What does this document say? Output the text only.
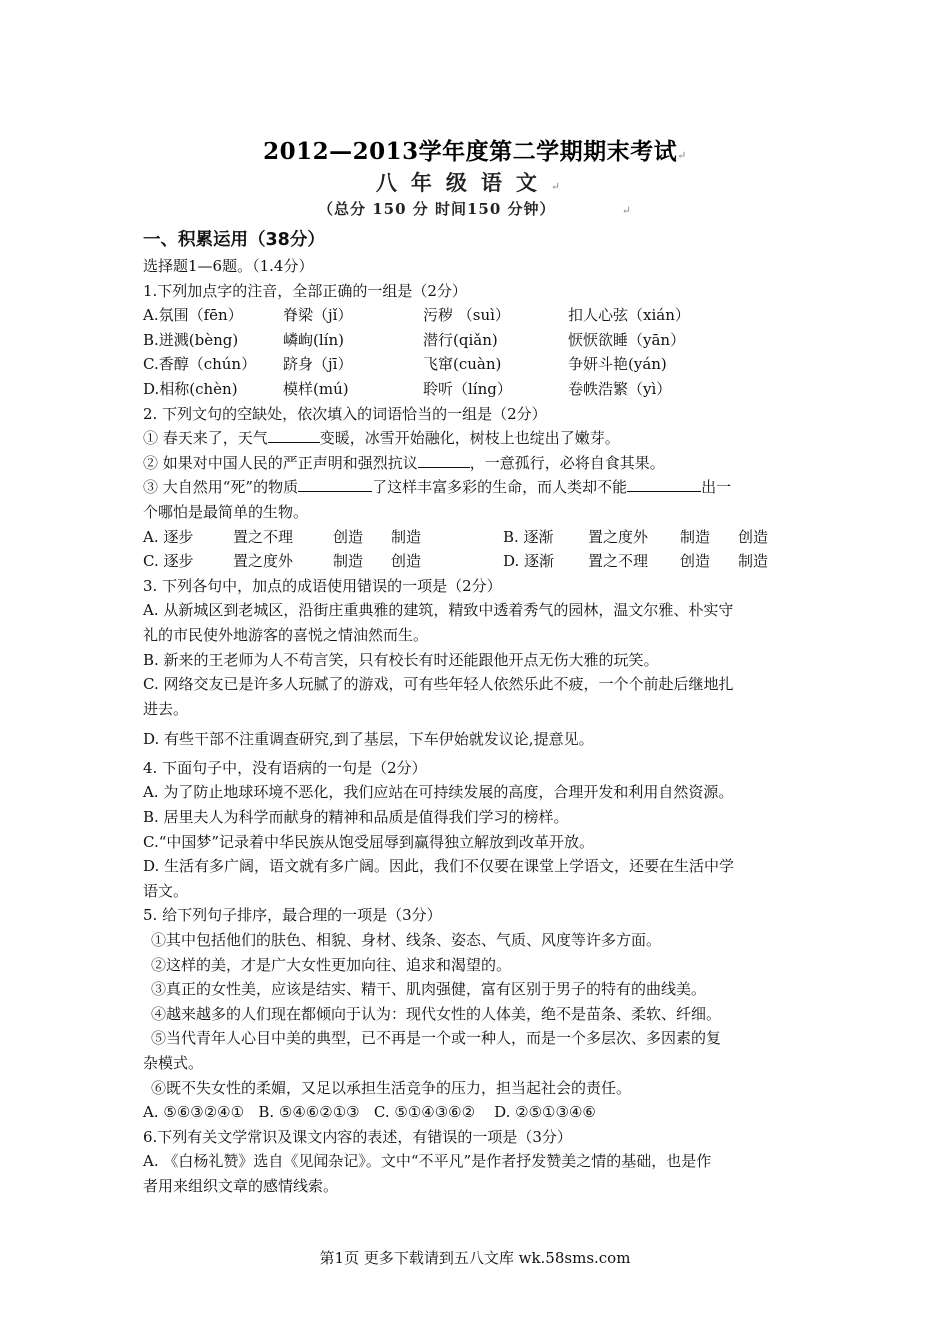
2012—2013学年度第二学期期末考试↵
八年级语文↵
（总分 150 分 时间150 分钟）	↵
一、积累运用（38分）
选择题1—6题。（1.4分）
1.下列加点字的注音，全部正确的一组是（2分）
A.氛围（fēn）	脊梁（jǐ）	污秽 （suì）	扣人心弦（xián）
B.迸溅(bèng)	嶙峋(lín)	潜行(qiǎn)	恹恹欲睡（yān）
C.香醇（chún）	跻身（jī）	飞窜(cuàn)	争妍斗艳(yán)
D.相称(chèn)	模样(mú)	聆听（líng）	卷帙浩繁（yì）
2. 下列文句的空缺处，依次填入的词语恰当的一组是（2分）
① 春天来了，天气	变暖，冰雪开始融化，树枝上也绽出了嫩芽。
② 如果对中国人民的严正声明和强烈抗议	，一意孤行，必将自食其果。
③ 大自然用“死”的物质	了这样丰富多彩的生命，而人类却不能	出一
个哪怕是最简单的生物。
A. 逐步	置之不理	创造	制造	B. 逐渐	置之度外	制造	创造
C. 逐步	置之度外	制造	创造	D. 逐渐	置之不理	创造	制造
3. 下列各句中，加点的成语使用错误的一项是（2分）
A. 从新城区到老城区，沿街庄重典雅的建筑，精致中透着秀气的园林，温文尔雅、朴实守
礼的市民使外地游客的喜悦之情油然而生。
B. 新来的王老师为人不苟言笑，只有校长有时还能跟他开点无伤大雅的玩笑。
C. 网络交友已是许多人玩腻了的游戏，可有些年轻人依然乐此不疲，一个个前赴后继地扎
进去。
D. 有些干部不注重调查研究,到了基层，下车伊始就发议论,提意见。
4. 下面句子中，没有语病的一句是（2分）
A. 为了防止地球环境不恶化，我们应站在可持续发展的高度，合理开发和利用自然资源。
B. 居里夫人为科学而献身的精神和品质是值得我们学习的榜样。
C.“中国梦”记录着中华民族从饱受屈辱到赢得独立解放到改革开放。
D. 生活有多广阔，语文就有多广阔。因此，我们不仅要在课堂上学语文，还要在生活中学
语文。
5. 给下列句子排序，最合理的一项是（3分）
①其中包括他们的肤色、相貌、身材、线条、姿态、气质、风度等许多方面。
②这样的美，才是广大女性更加向往、追求和渴望的。
③真正的女性美，应该是结实、精干、肌肉强健，富有区别于男子的特有的曲线美。
④越来越多的人们现在都倾向于认为：现代女性的人体美，绝不是苗条、柔软、纤细。
⑤当代青年人心目中美的典型，已不再是一个或一种人，而是一个多层次、多因素的复
杂模式。
⑥既不失女性的柔媚，又足以承担生活竞争的压力，担当起社会的责任。
A. ⑤⑥③②④①   B. ⑤④⑥②①③   C. ⑤①④③⑥②    D. ②⑤①③④⑥
6.下列有关文学常识及课文内容的表述，有错误的一项是（3分）
A. 《白杨礼赞》选自《见闻杂记》。文中“不平凡”是作者抒发赞美之情的基础，也是作
者用来组织文章的感情线索。
第1页 更多下载请到五八文库 wk.58sms.com
